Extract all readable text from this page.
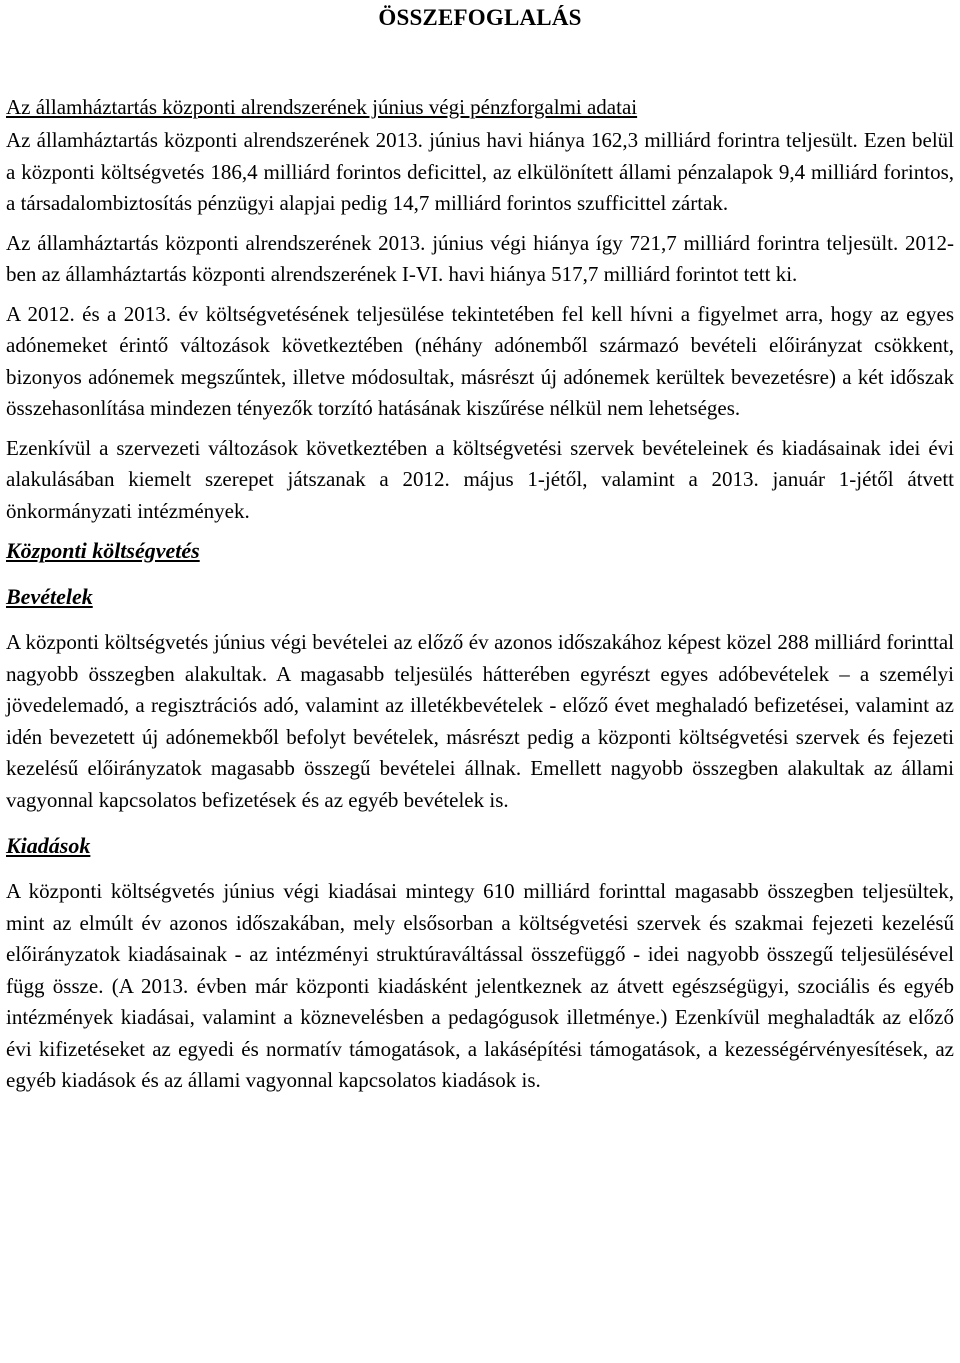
ÖSSZEFOGLALÁS
Az államháztartás központi alrendszerének június végi pénzforgalmi adatai

Az államháztartás központi alrendszerének 2013. június havi hiánya 162,3 milliárd forintra teljesült. Ezen belül a központi költségvetés 186,4 milliárd forintos deficittel, az elkülönített állami pénzalapok 9,4 milliárd forintos, a társadalombiztosítás pénzügyi alapjai pedig 14,7 milliárd forintos szufficittel zártak.

Az államháztartás központi alrendszerének 2013. június végi hiánya így 721,7 milliárd forintra teljesült. 2012-ben az államháztartás központi alrendszerének I-VI. havi hiánya 517,7 milliárd forintot tett ki.

A 2012. és a 2013. év költségvetésének teljesülése tekintetében fel kell hívni a figyelmet arra, hogy az egyes adónemeket érintő változások következtében (néhány adónemből származó bevételi előirányzat csökkent, bizonyos adónemek megszűntek, illetve módosultak, másrészt új adónemek kerültek bevezetésre) a két időszak összehasonlítása mindezen tényezők torzító hatásának kiszűrése nélkül nem lehetséges.

Ezenkívül a szervezeti változások következtében a költségvetési szervek bevételeinek és kiadásainak idei évi alakulásában kiemelt szerepet játszanak a 2012. május 1-jétől, valamint a 2013. január 1-jétől átvett önkormányzati intézmények.

Központi költségvetés
Bevételek

A központi költségvetés június végi bevételei az előző év azonos időszakához képest közel 288 milliárd forinttal nagyobb összegben alakultak. A magasabb teljesülés hátterében egyrészt egyes adóbevételek – a személyi jövedelemadó, a regisztrációs adó, valamint az illetékbevételek - előző évet meghaladó befizetései, valamint az idén bevezetett új adónemekből befolyt bevételek, másrészt pedig a központi költségvetési szervek és fejezeti kezelésű előirányzatok magasabb összegű bevételei állnak. Emellett nagyobb összegben alakultak az állami vagyonnal kapcsolatos befizetések és az egyéb bevételek is.

Kiadások

A központi költségvetés június végi kiadásai mintegy 610 milliárd forinttal magasabb összegben teljesültek, mint az elmúlt év azonos időszakában, mely elsősorban a költségvetési szervek és szakmai fejezeti kezelésű előirányzatok kiadásainak - az intézményi struktúraváltással összefüggő - idei nagyobb összegű teljesülésével függ össze. (A 2013. évben már központi kiadásként jelentkeznek az átvett egészségügyi, szociális és egyéb intézmények kiadásai, valamint a köznevelésben a pedagógusok illetménye.) Ezenkívül meghaladták az előző évi kifizetéseket az egyedi és normatív támogatások, a lakásépítési támogatások, a kezességérvényesítések, az egyéb kiadások és az állami vagyonnal kapcsolatos kiadások is.
